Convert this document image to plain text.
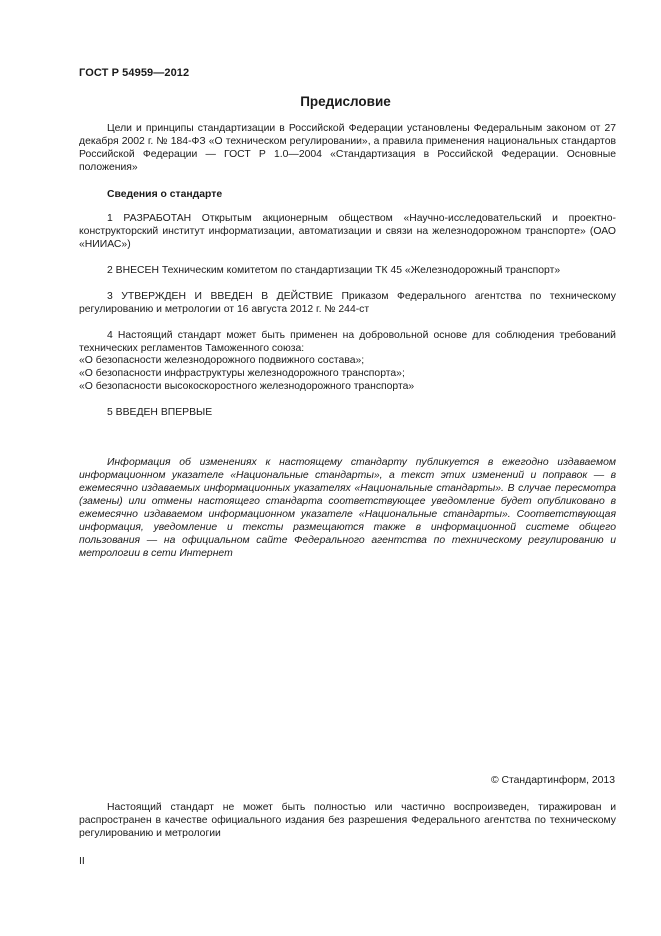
ГОСТ Р 54959—2012
Предисловие

Цели и принципы стандартизации в Российской Федерации установлены Федеральным законом от 27 декабря 2002 г. № 184-ФЗ «О техническом регулировании», а правила применения национальных стандартов Российской Федерации — ГОСТ Р 1.0—2004 «Стандартизация в Российской Федерации. Основные положения»

Сведения о стандарте

1 РАЗРАБОТАН Открытым акционерным обществом «Научно-исследовательский и проектно-конструкторский институт информатизации, автоматизации и связи на железнодорожном транспорте» (ОАО «НИИАС»)

2 ВНЕСЕН Техническим комитетом по стандартизации ТК 45 «Железнодорожный транспорт»

3 УТВЕРЖДЕН И ВВЕДЕН В ДЕЙСТВИЕ Приказом Федерального агентства по техническому регулированию и метрологии от 16 августа 2012 г. № 244-ст

4 Настоящий стандарт может быть применен на добровольной основе для соблюдения требований технических регламентов Таможенного союза:

«О безопасности железнодорожного подвижного состава»;

«О безопасности инфраструктуры железнодорожного транспорта»;

«О безопасности высокоскоростного железнодорожного транспорта»

5 ВВЕДЕН ВПЕРВЫЕ

Информация об изменениях к настоящему стандарту публикуется в ежегодно издаваемом информационном указателе «Национальные стандарты», а текст этих изменений и поправок — в ежемесячно издаваемых информационных указателях «Национальные стандарты». В случае пересмотра (замены) или отмены настоящего стандарта соответствующее уведомление будет опубликовано в ежемесячно издаваемом информационном указателе «Национальные стандарты». Соответствующая информация, уведомление и тексты размещаются также в информационной системе общего пользования — на официальном сайте Федерального агентства по техническому регулированию и метрологии в сети Интернет

© Стандартинформ, 2013

Настоящий стандарт не может быть полностью или частично воспроизведен, тиражирован и распространен в качестве официального издания без разрешения Федерального агентства по техническому регулированию и метрологии

II
